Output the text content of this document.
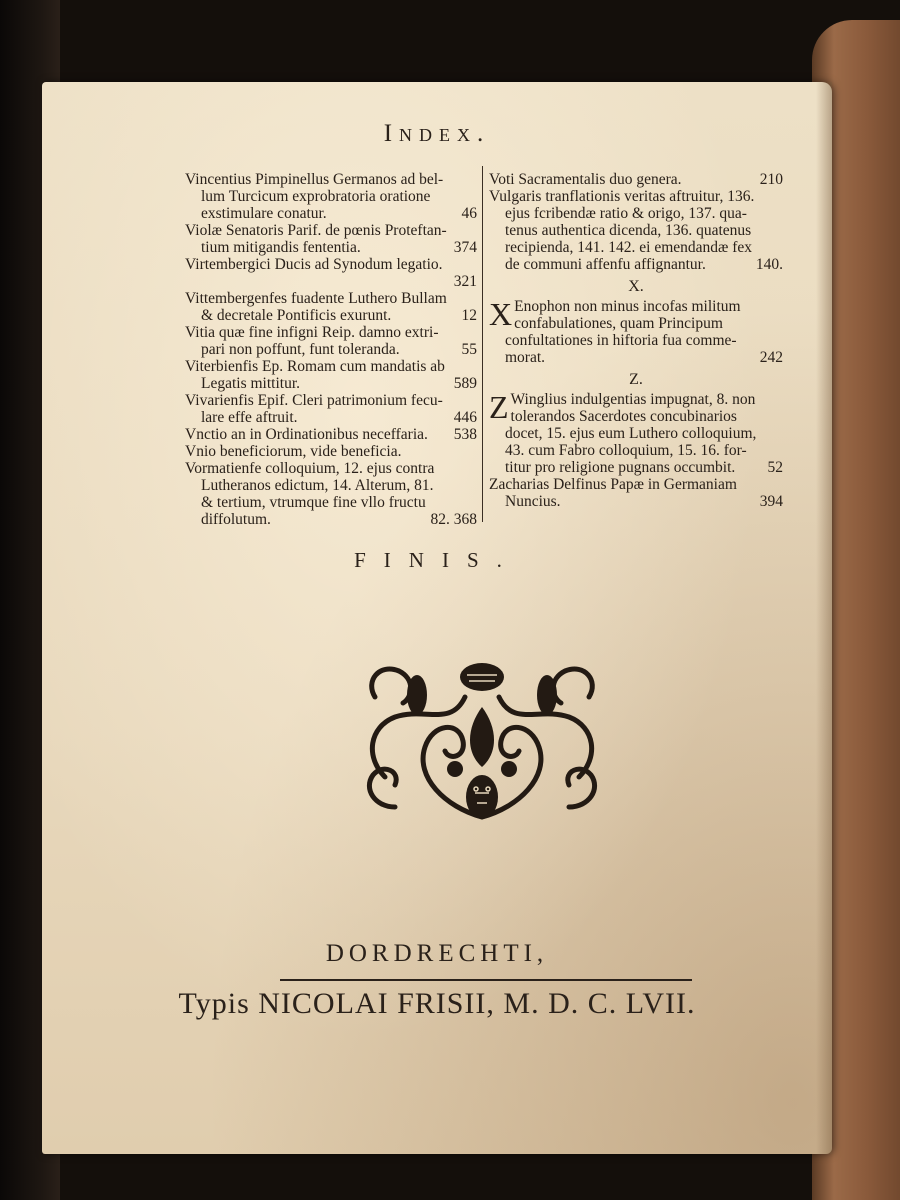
Index.
Vincentius Pimpinellus Germanos ad bel-
lum Turcicum exprobratoria oratione
46
exstimulare conatur.
Violæ Senatoris Parif. de pœnis Proteftan-
374
tium mitigandis fententia.
Virtembergici Ducis ad Synodum legatio.
321
Vittembergenfes fuadente Luthero Bullam
12
& decretale Pontificis exurunt.
Vitia quæ fine infigni Reip. damno extri-
55
pari non poffunt, funt toleranda.
Viterbienfis Ep. Romam cum mandatis ab
589
Legatis mittitur.
Vivarienfis Epif. Cleri patrimonium fecu-
446
lare effe aftruit.
538
Vnctio an in Ordinationibus neceffaria.
Vnio beneficiorum, vide beneficia.
Vormatienfe colloquium, 12. ejus contra
Lutheranos edictum, 14. Alterum, 81.
& tertium, vtrumque fine vllo fructu
82. 368
diffolutum.
210
Voti Sacramentalis duo genera.
Vulgaris tranflationis veritas aftruitur, 136.
ejus fcribendæ ratio & origo, 137. qua-
tenus authentica dicenda, 136. quatenus
recipienda, 141. 142. ei emendandæ fex
140.
de communi affenfu affignantur.
X.
X Enophon non minus incofas militum
confabulationes, quam Principum
confultationes in hiftoria fua comme-
242
morat.
Z.
Z Winglius indulgentias impugnat, 8. non
tolerandos Sacerdotes concubinarios
docet, 15. ejus eum Luthero colloquium,
43. cum Fabro colloquium, 15. 16. for-
52
titur pro religione pugnans occumbit.
Zacharias Delfinus Papæ in Germaniam
394
Nuncius.
FINIS.
DORDRECHTI,
Typis NICOLAI FRISII, M. D. C. LVII.
